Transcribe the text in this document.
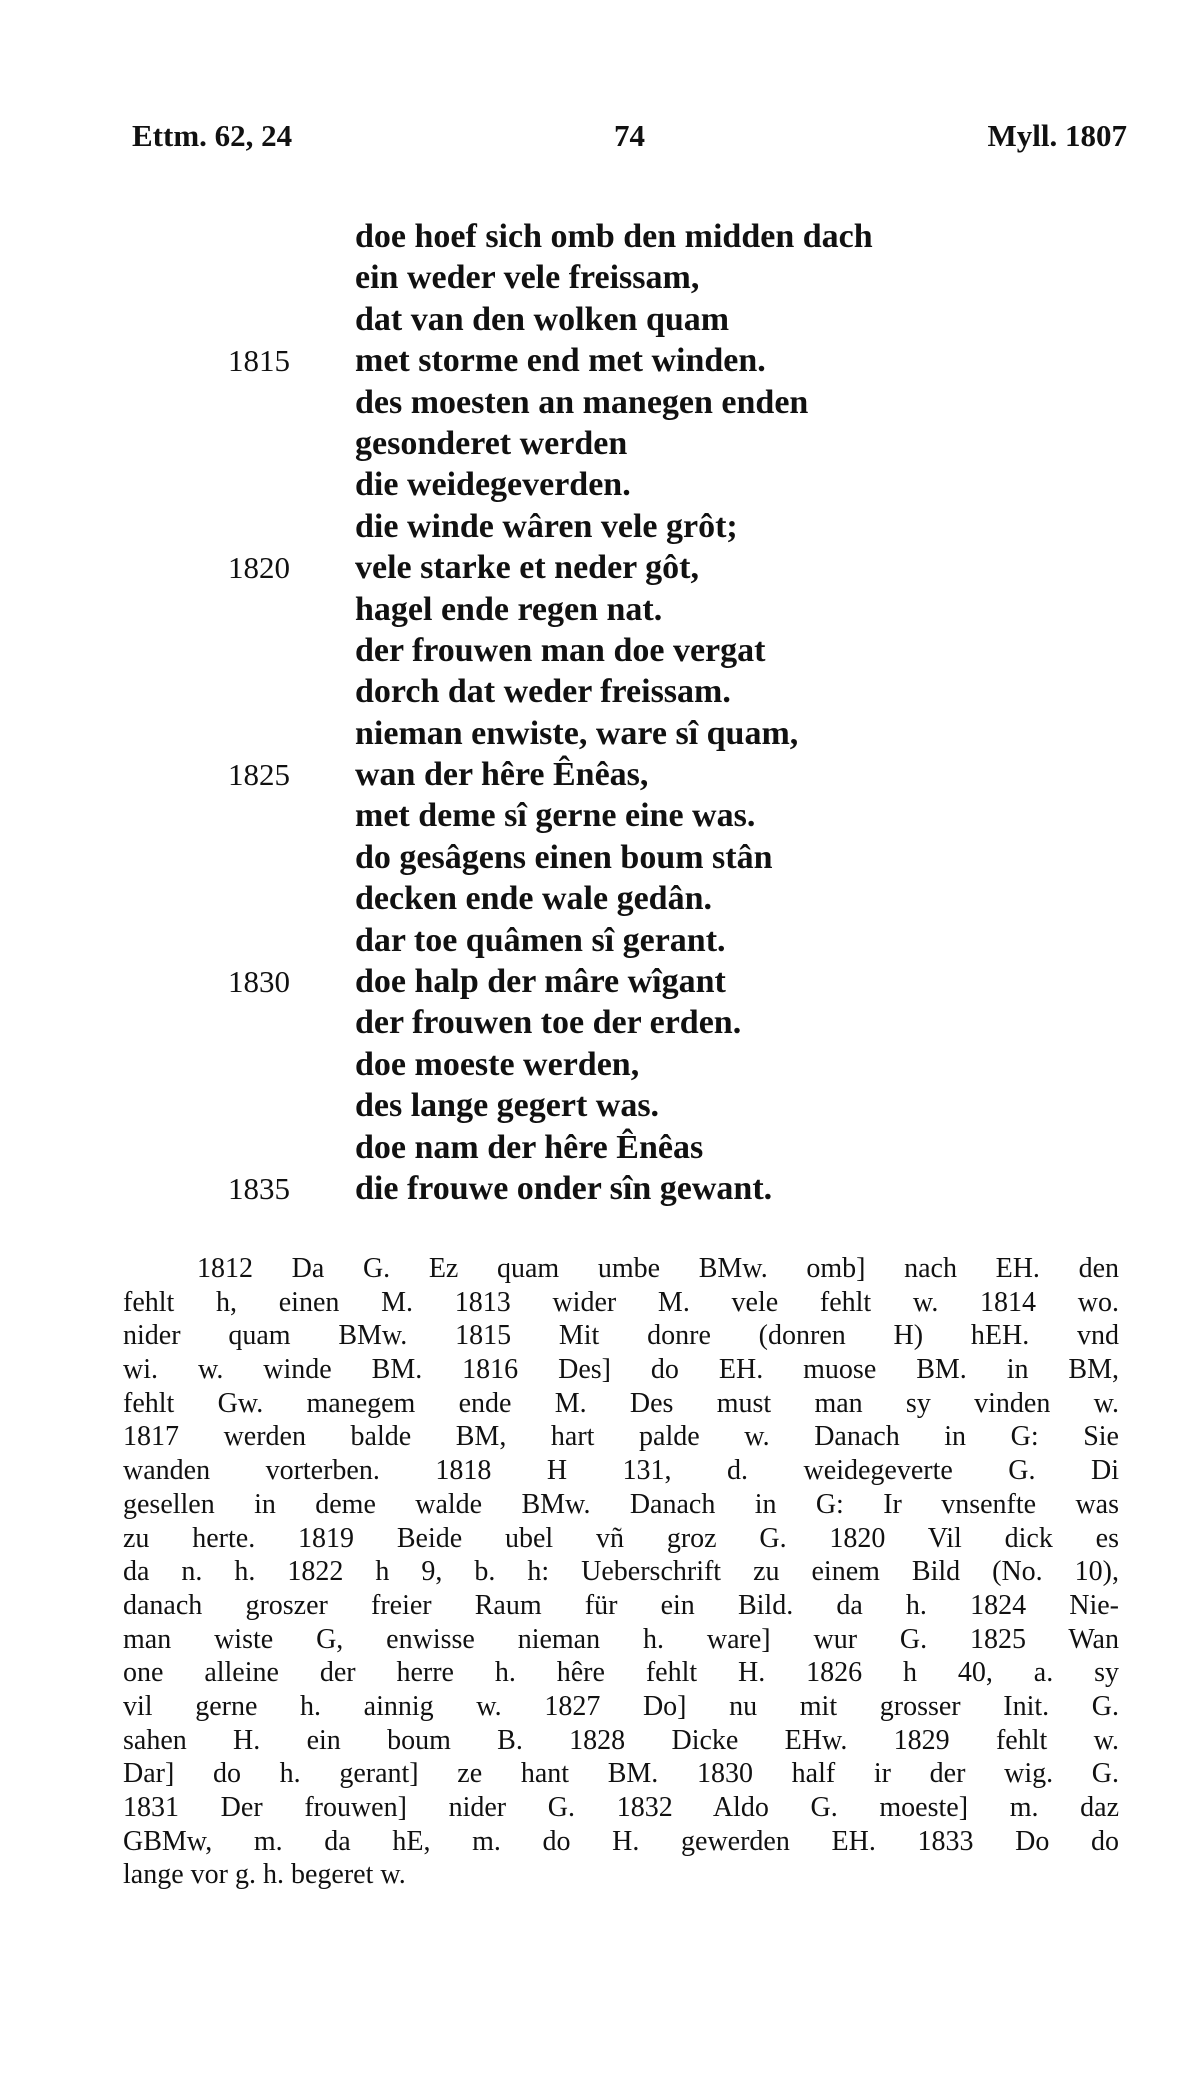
Ettm. 62, 24	74	Myll. 1807
doe hoef sich omb den midden dach
ein weder vele freissam,
dat van den wolken quam
1815	met storme end met winden.
des moesten an manegen enden
gesonderet werden
die weidegeverden.
die winde wâren vele grôt;
1820	vele starke et neder gôt,
hagel ende regen nat.
der frouwen man doe vergat
dorch dat weder freissam.
nieman enwiste, ware sî quam,
1825	wan der hêre Ênêas,
met deme sî gerne eine was.
do gesâgens einen boum stân
decken ende wale gedân.
dar toe quâmen sî gerant.
1830	doe halp der mâre wîgant
der frouwen toe der erden.
doe moeste werden,
des lange gegert was.
doe nam der hêre Ênêas
1835	die frouwe onder sîn gewant.
1812 Da G. Ez quam umbe BMw. omb] nach EH. den
fehlt h, einen M. 1813 wider M. vele fehlt w. 1814 wo.
nider quam BMw. 1815 Mit donre (donren H) hEH. vnd
wi. w. winde BM. 1816 Des] do EH. muose BM. in BM,
fehlt Gw. manegem ende M. Des must man sy vinden w.
1817 werden balde BM, hart palde w. Danach in G: Sie
wanden vorterben. 1818 H 131, d. weidegeverte G. Di
gesellen in deme walde BMw. Danach in G: Ir vnsenfte was
zu herte. 1819 Beide ubel vñ groz G. 1820 Vil dick es
da n. h. 1822 h 9, b. h: Ueberschrift zu einem Bild (No. 10),
danach groszer freier Raum für ein Bild. da h. 1824 Nie-
man wiste G, enwisse nieman h. ware] wur G. 1825 Wan
one alleine der herre h. hêre fehlt H. 1826 h 40, a. sy
vil gerne h. ainnig w. 1827 Do] nu mit grosser Init. G.
sahen H. ein boum B. 1828 Dicke EHw. 1829 fehlt w.
Dar] do h. gerant] ze hant BM. 1830 half ir der wig. G.
1831 Der frouwen] nider G. 1832 Aldo G. moeste] m. daz
GBMw, m. da hE, m. do H. gewerden EH. 1833 Do do
lange vor g. h. begeret w.
